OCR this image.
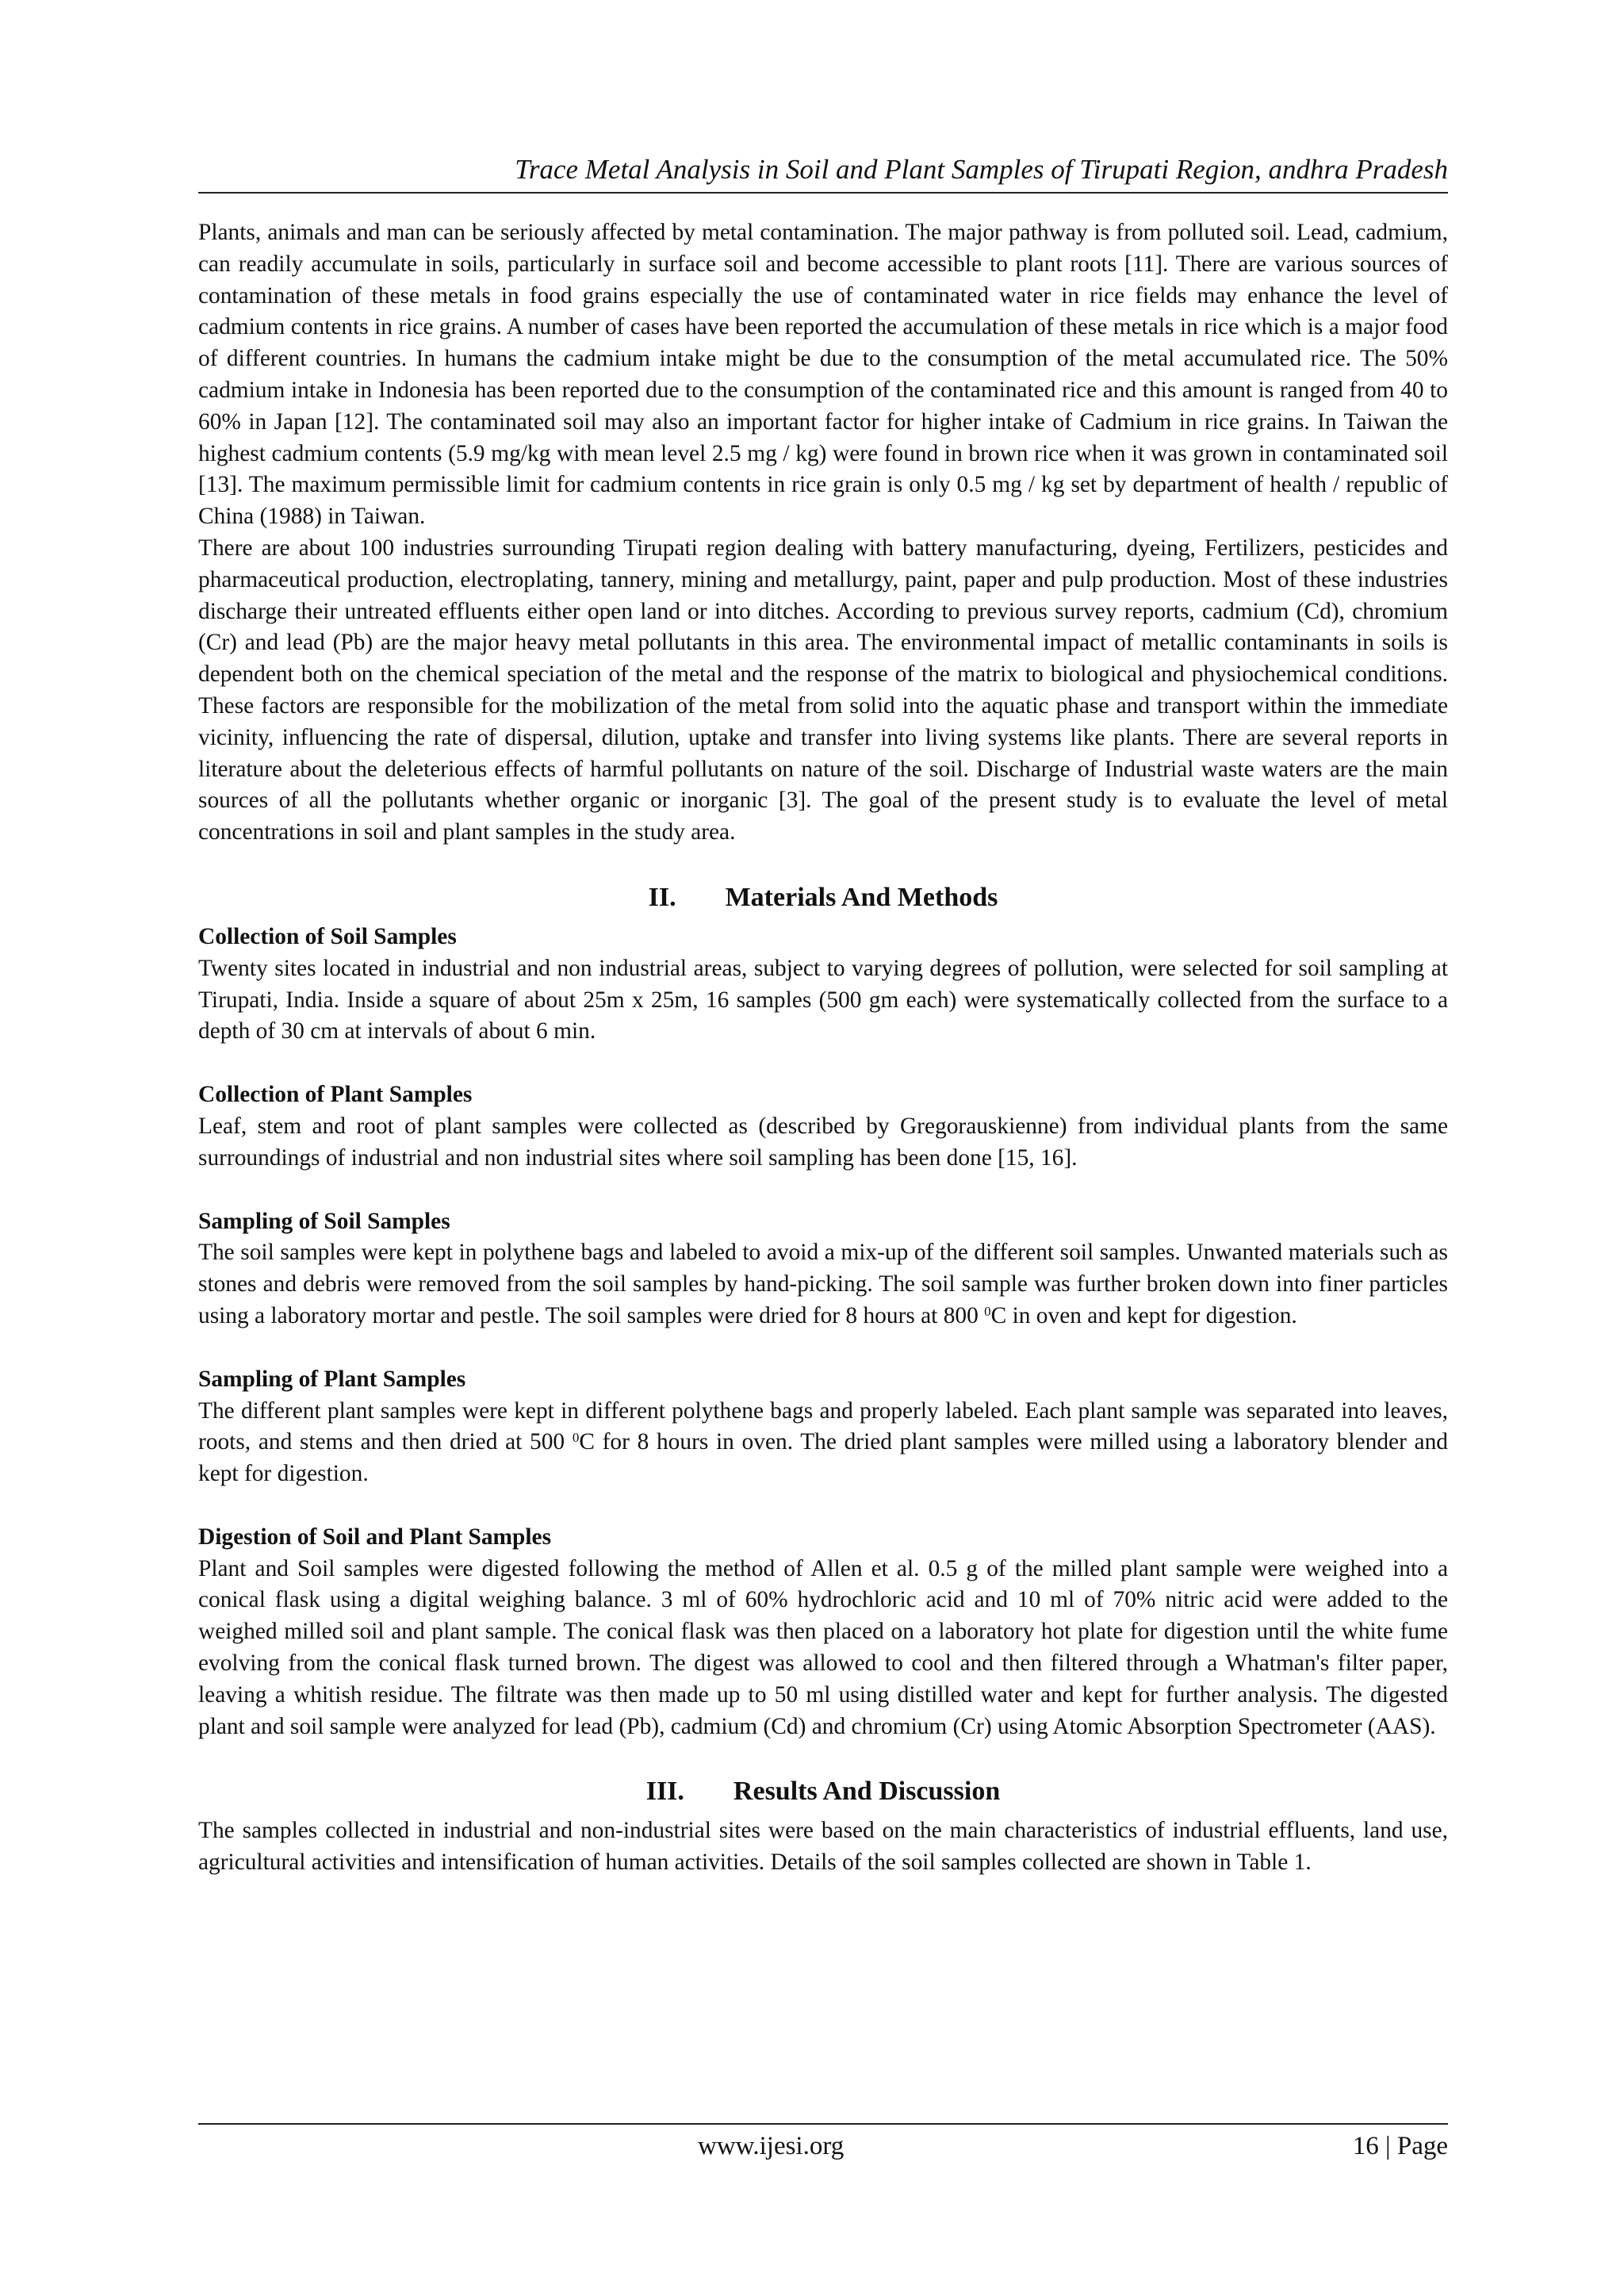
Trace Metal Analysis in Soil and Plant Samples of Tirupati Region, andhra Pradesh

Plants, animals and man can be seriously affected by metal contamination. The major pathway is from polluted soil. Lead, cadmium, can readily accumulate in soils, particularly in surface soil and become accessible to plant roots [11]. There are various sources of contamination of these metals in food grains especially the use of contaminated water in rice fields may enhance the level of cadmium contents in rice grains. A number of cases have been reported the accumulation of these metals in rice which is a major food of different countries. In humans the cadmium intake might be due to the consumption of the metal accumulated rice. The 50% cadmium intake in Indonesia has been reported due to the consumption of the contaminated rice and this amount is ranged from 40 to 60% in Japan [12]. The contaminated soil may also an important factor for higher intake of Cadmium in rice grains. In Taiwan the highest cadmium contents (5.9 mg/kg with mean level 2.5 mg / kg) were found in brown rice when it was grown in contaminated soil [13]. The maximum permissible limit for cadmium contents in rice grain is only 0.5 mg / kg set by department of health / republic of China (1988) in Taiwan.

There are about 100 industries surrounding Tirupati region dealing with battery manufacturing, dyeing, Fertilizers, pesticides and pharmaceutical production, electroplating, tannery, mining and metallurgy, paint, paper and pulp production. Most of these industries discharge their untreated effluents either open land or into ditches. According to previous survey reports, cadmium (Cd), chromium (Cr) and lead (Pb) are the major heavy metal pollutants in this area. The environmental impact of metallic contaminants in soils is dependent both on the chemical speciation of the metal and the response of the matrix to biological and physiochemical conditions. These factors are responsible for the mobilization of the metal from solid into the aquatic phase and transport within the immediate vicinity, influencing the rate of dispersal, dilution, uptake and transfer into living systems like plants. There are several reports in literature about the deleterious effects of harmful pollutants on nature of the soil. Discharge of Industrial waste waters are the main sources of all the pollutants whether organic or inorganic [3]. The goal of the present study is to evaluate the level of metal concentrations in soil and plant samples in the study area.

II. Materials And Methods

Collection of Soil Samples

Twenty sites located in industrial and non industrial areas, subject to varying degrees of pollution, were selected for soil sampling at Tirupati, India. Inside a square of about 25m x 25m, 16 samples (500 gm each) were systematically collected from the surface to a depth of 30 cm at intervals of about 6 min.

Collection of Plant Samples

Leaf, stem and root of plant samples were collected as (described by Gregorauskienne) from individual plants from the same surroundings of industrial and non industrial sites where soil sampling has been done [15, 16].

Sampling of Soil Samples

The soil samples were kept in polythene bags and labeled to avoid a mix-up of the different soil samples. Unwanted materials such as stones and debris were removed from the soil samples by hand-picking. The soil sample was further broken down into finer particles using a laboratory mortar and pestle. The soil samples were dried for 8 hours at 800 $^0$C in oven and kept for digestion.

Sampling of Plant Samples

The different plant samples were kept in different polythene bags and properly labeled. Each plant sample was separated into leaves, roots, and stems and then dried at 500 $^0$C for 8 hours in oven. The dried plant samples were milled using a laboratory blender and kept for digestion.

Digestion of Soil and Plant Samples

Plant and Soil samples were digested following the method of Allen et al. 0.5 g of the milled plant sample were weighed into a conical flask using a digital weighing balance. 3 ml of 60% hydrochloric acid and 10 ml of 70% nitric acid were added to the weighed milled soil and plant sample. The conical flask was then placed on a laboratory hot plate for digestion until the white fume evolving from the conical flask turned brown. The digest was allowed to cool and then filtered through a Whatman's filter paper, leaving a whitish residue. The filtrate was then made up to 50 ml using distilled water and kept for further analysis. The digested plant and soil sample were analyzed for lead (Pb), cadmium (Cd) and chromium (Cr) using Atomic Absorption Spectrometer (AAS).

III. Results And Discussion

The samples collected in industrial and non-industrial sites were based on the main characteristics of industrial effluents, land use, agricultural activities and intensification of human activities. Details of the soil samples collected are shown in Table 1.

www.ijesi.org	16 | Page
